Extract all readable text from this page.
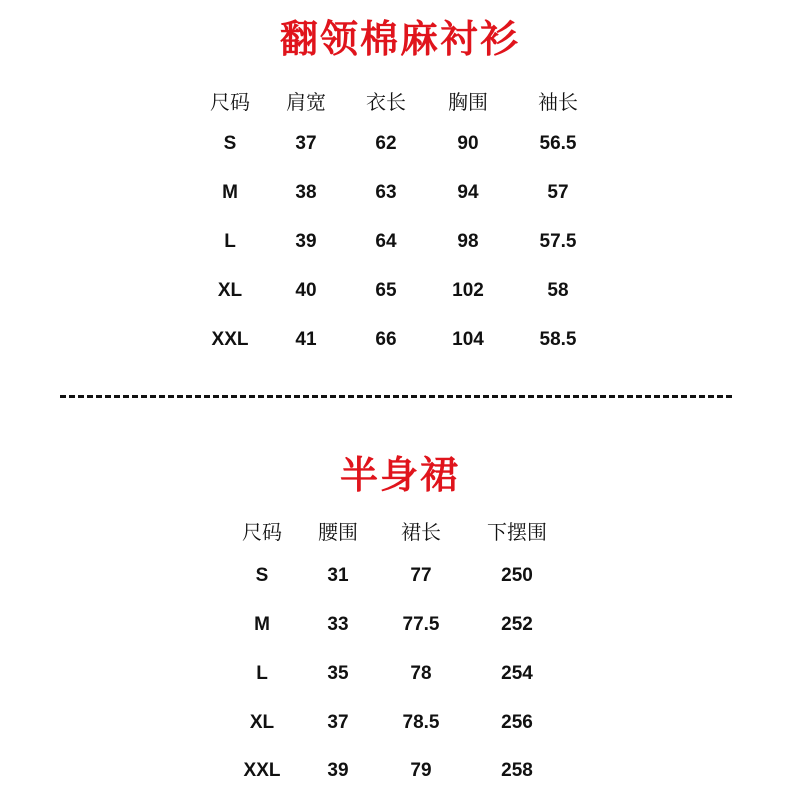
翻领棉麻衬衫
尺码 肩宽 衣长 胸围	袖长
S	37	62	90	56.5
M	38	63	94	57
L	39	64	98	57.5
XL	40	65	102	58
XXL 41	66	104	58.5
半身裙
尺码 腰围 裙长 下摆围
S	31	77	250
M	33	77.5	252
L	35	78	254
XL	37	78.5	256
XXL 39	79	258
